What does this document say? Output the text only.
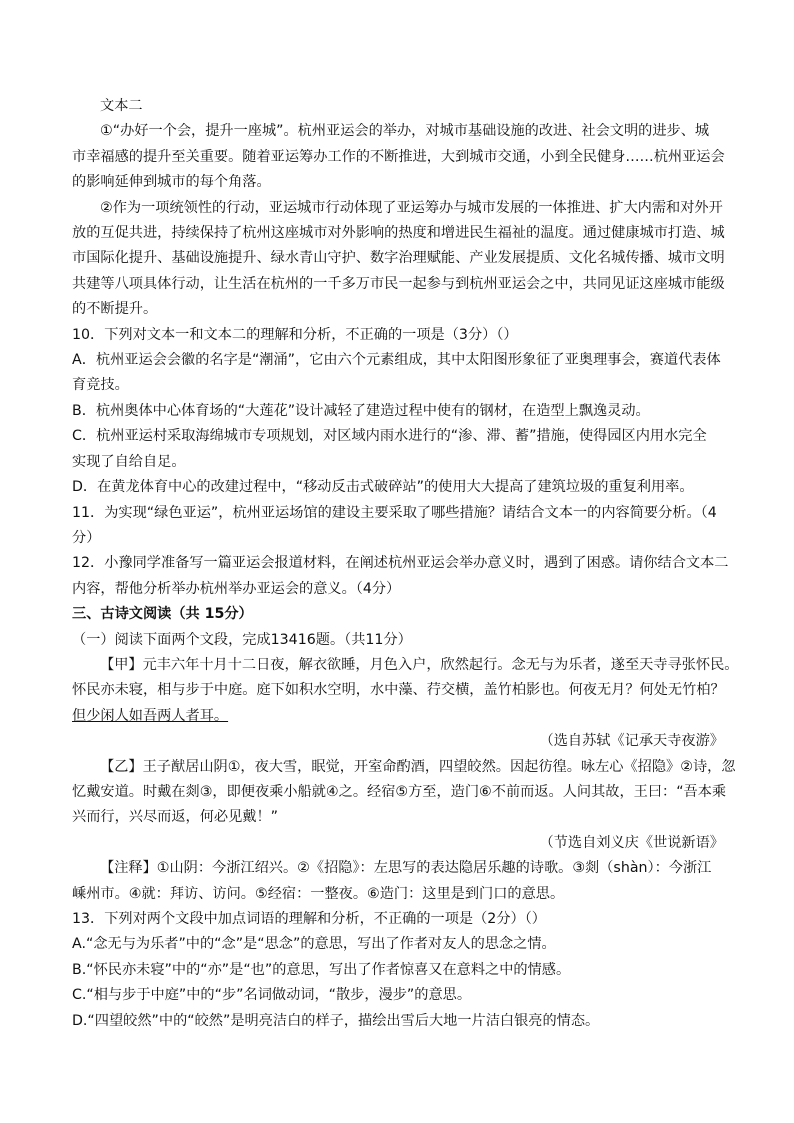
文本二

①“办好一个会，提升一座城”。杭州亚运会的举办，对城市基础设施的改进、社会文明的进步、城

市幸福感的提升至关重要。随着亚运筹办工作的不断推进，大到城市交通，小到全民健身……杭州亚运会

的影响延伸到城市的每个角落。

②作为一项统领性的行动，亚运城市行动体现了亚运筹办与城市发展的一体推进、扩大内需和对外开

放的互促共进，持续保持了杭州这座城市对外影响的热度和增进民生福祉的温度。通过健康城市打造、城

市国际化提升、基础设施提升、绿水青山守护、数字治理赋能、产业发展提质、文化名城传播、城市文明

共建等八项具体行动，让生活在杭州的一千多万市民一起参与到杭州亚运会之中，共同见证这座城市能级

的不断提升。

10．下列对文本一和文本二的理解和分析，不正确的一项是（3分）（）

A．杭州亚运会会徽的名字是“潮涌”，它由六个元素组成，其中太阳图形象征了亚奥理事会，赛道代表体

育竞技。

B．杭州奥体中心体育场的“大莲花”设计减轻了建造过程中使有的钢材，在造型上飘逸灵动。

C．杭州亚运村采取海绵城市专项规划，对区域内雨水进行的“渗、滞、蓄”措施，使得园区内用水完全

实现了自给自足。

D．在黄龙体育中心的改建过程中，“移动反击式破碎站”的使用大大提高了建筑垃圾的重复利用率。

11．为实现“绿色亚运”，杭州亚运场馆的建设主要采取了哪些措施？请结合文本一的内容简要分析。（4

分）

12．小豫同学准备写一篇亚运会报道材料，在阐述杭州亚运会举办意义时，遇到了困惑。请你结合文本二

内容，帮他分析举办杭州举办亚运会的意义。（4分）

三、古诗文阅读（共 15分）

（一）阅读下面两个文段，完成13416题。（共11分）

【甲】元丰六年十月十二日夜，解衣欲睡，月色入户，欣然起行。念无与为乐者，遂至天寺寻张怀民。

怀民亦未寝，相与步于中庭。庭下如积水空明，水中藻、荇交横，盖竹柏影也。何夜无月？何处无竹柏？

但少闲人如吾两人者耳。

（选自苏轼《记承天寺夜游》

【乙】王子猷居山阴①，夜大雪，眠觉，开室命酌酒，四望皎然。因起彷徨。咏左心《招隐》②诗，忽

忆戴安道。时戴在剡③，即便夜乘小船就④之。经宿⑤方至，造门⑥不前而返。人问其故，王曰：“吾本乘

兴而行，兴尽而返，何必见戴！”

（节选自刘义庆《世说新语》

【注释】①山阴：今浙江绍兴。②《招隐》：左思写的表达隐居乐趣的诗歌。③剡（shàn）：今浙江

嵊州市。④就：拜访、访问。⑤经宿：一整夜。⑥造门：这里是到门口的意思。

13．下列对两个文段中加点词语的理解和分析，不正确的一项是（2分）（）

A.“念无与为乐者”中的“念”是“思念”的意思，写出了作者对友人的思念之情。

B.“怀民亦未寝”中的“亦”是“也”的意思，写出了作者惊喜又在意料之中的情感。

C.“相与步于中庭”中的“步”名词做动词，“散步，漫步”的意思。

D.“四望皎然”中的“皎然”是明亮洁白的样子，描绘出雪后大地一片洁白银亮的情态。
